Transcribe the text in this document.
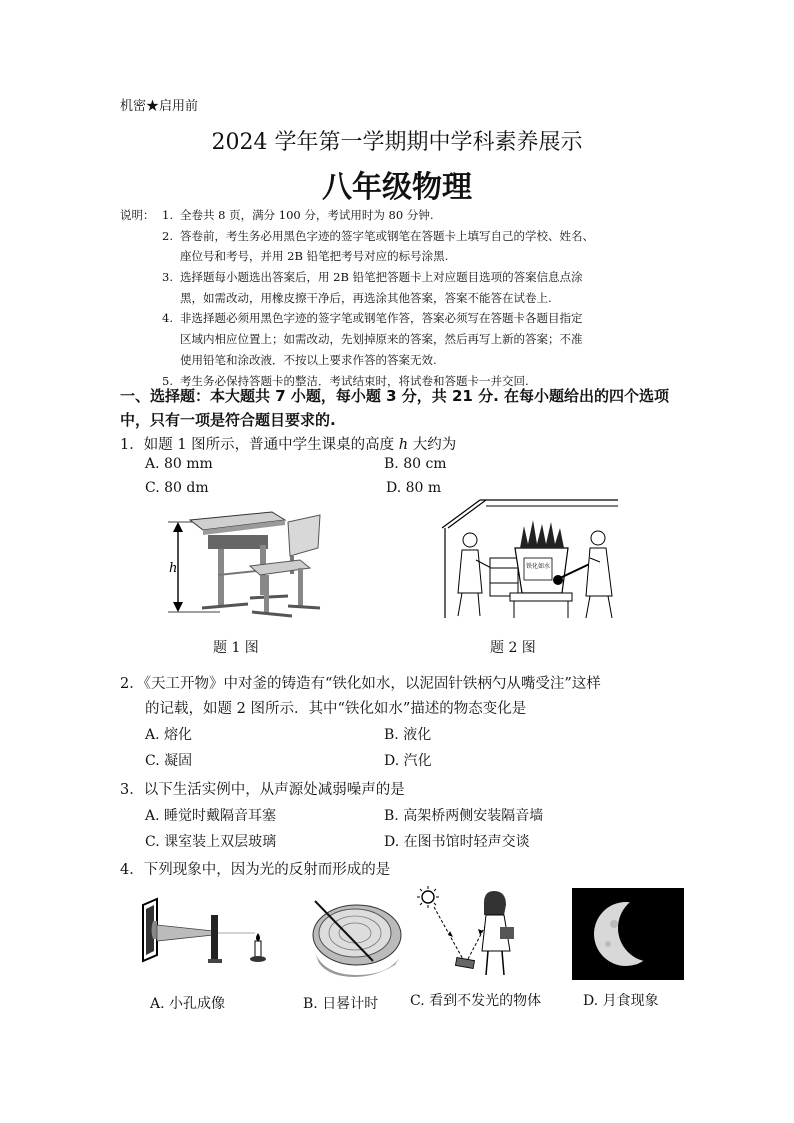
机密★启用前
2024 学年第一学期期中学科素养展示
八年级物理
说明： 1. 全卷共 8 页，满分 100 分，考试用时为 80 分钟.
2. 答卷前，考生务必用黑色字迹的签字笔或钢笔在答题卡上填写自己的学校、姓名、
座位号和考号，并用 2B 铅笔把考号对应的标号涂黑.
3. 选择题每小题选出答案后，用 2B 铅笔把答题卡上对应题目选项的答案信息点涂
黑，如需改动，用橡皮擦干净后，再选涂其他答案，答案不能答在试卷上.
4. 非选择题必须用黑色字迹的签字笔或钢笔作答，答案必须写在答题卡各题目指定
区域内相应位置上；如需改动，先划掉原来的答案，然后再写上新的答案；不准
使用铅笔和涂改液．不按以上要求作答的答案无效.
5. 考生务必保持答题卡的整洁．考试结束时，将试卷和答题卡一并交回.
一、选择题：本大题共 7 小题，每小题 3 分，共 21 分. 在每小题给出的四个选项
中，只有一项是符合题目要求的.
1．如题 1 图所示，普通中学生课桌的高度 h 大约为
A. 80 mm	B. 80 cm
C. 80 dm	D. 80 m
h
题 1 图
铁化如水
题 2 图
2．《天工开物》中对釜的铸造有“铁化如水，以泥固针铁柄勺从嘴受注”这样
的记载，如题 2 图所示．其中“铁化如水”描述的物态变化是
A. 熔化	B. 液化
C. 凝固	D. 汽化
3．以下生活实例中，从声源处减弱噪声的是
A. 睡觉时戴隔音耳塞	B. 高架桥两侧安装隔音墙
C. 课室装上双层玻璃	D. 在图书馆时轻声交谈
4．下列现象中，因为光的反射而形成的是
A. 小孔成像	B. 日晷计时 C. 看到不发光的物体	D. 月食现象
